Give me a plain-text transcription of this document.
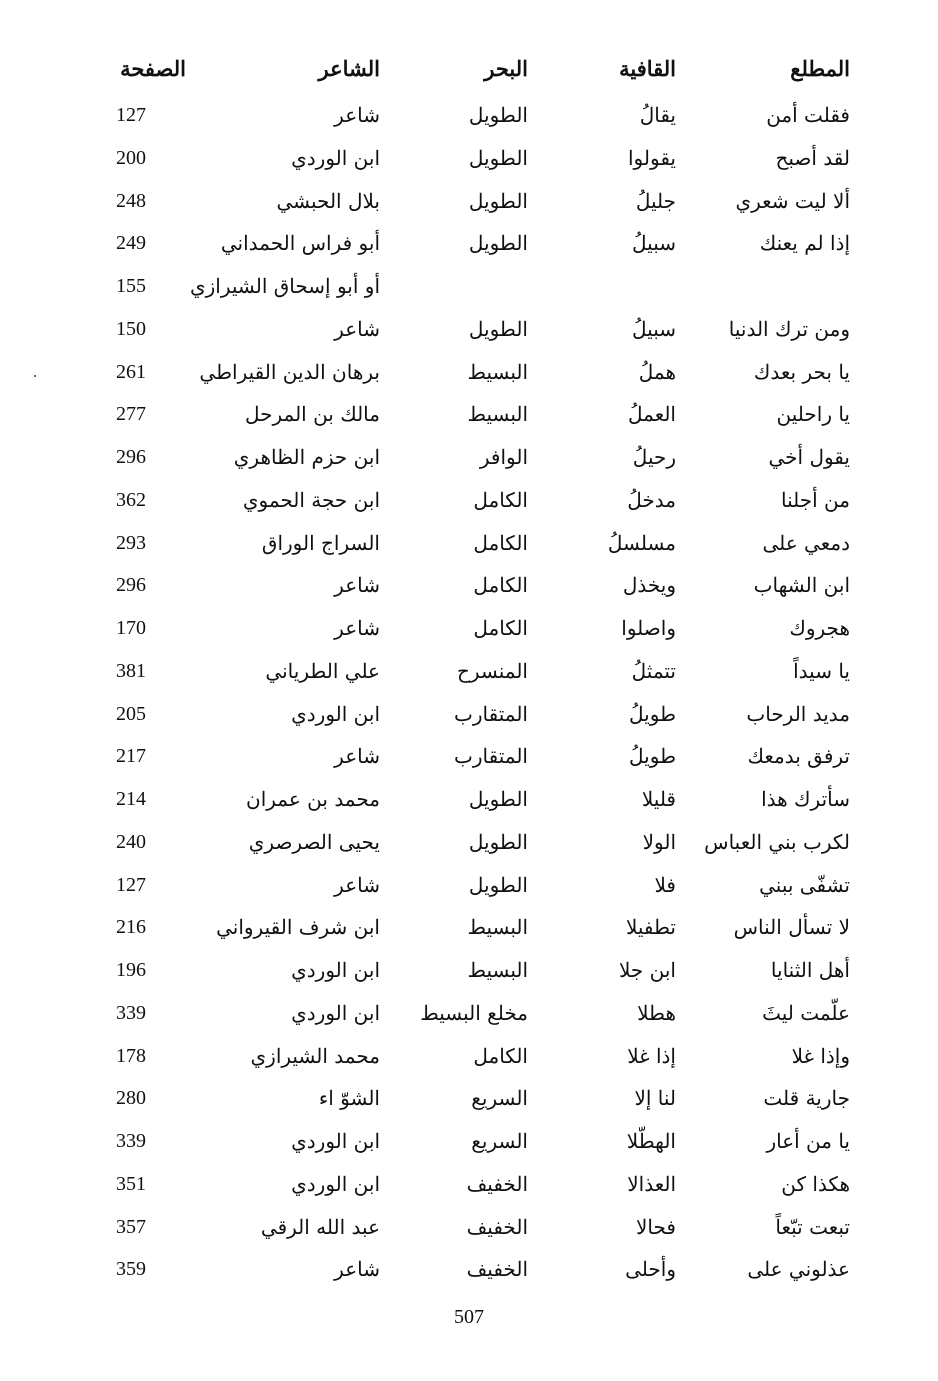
المطلع
القافية
البحر
الشاعر
الصفحة
فقلت أمن
يقالُ
الطويل
شاعر
127
لقد أصبح
يقولوا
الطويل
ابن الوردي
200
ألا ليت شعري
جليلُ
الطويل
بلال الحبشي
248
إذا لم يعنك
سبيلُ
الطويل
أبو فراس الحمداني
249
أو أبو إسحاق الشيرازي
155
ومن ترك الدنيا
سبيلُ
الطويل
شاعر
150
يا بحر بعدك
هملُ
البسيط
برهان الدين القيراطي
261
يا راحلين
العملُ
البسيط
مالك بن المرحل
277
يقول أخي
رحيلُ
الوافر
ابن حزم الظاهري
296
من أجلنا
مدخلُ
الكامل
ابن حجة الحموي
362
دمعي على
مسلسلُ
الكامل
السراج الوراق
293
ابن الشهاب
ويخذل
الكامل
شاعر
296
هجروك
واصلوا
الكامل
شاعر
170
يا سيداً
تتمثلُ
المنسرح
علي الطرياني
381
مديد الرحاب
طويلُ
المتقارب
ابن الوردي
205
ترفق بدمعك
طويلُ
المتقارب
شاعر
217
سأترك هذا
قليلا
الطويل
محمد بن عمران
214
لكرب بني العباس
الولا
الطويل
يحيى الصرصري
240
تشفّى ببني
فلا
الطويل
شاعر
127
لا تسأل الناس
تطفيلا
البسيط
ابن شرف القيرواني
216
أهل الثنايا
ابن جلا
البسيط
ابن الوردي
196
علّمت ليثَ
هطلا
مخلع البسيط
ابن الوردي
339
وإذا غلا
إذا غلا
الكامل
محمد الشيرازي
178
جارية قلت
لنا إلا
السريع
الشوّ اء
280
يا من أعار
الهطّلا
السريع
ابن الوردي
339
هكذا كن
العذالا
الخفيف
ابن الوردي
351
تبعت تبّعاً
فحالا
الخفيف
عبد الله الرقي
357
عذلوني على
وأحلى
الخفيف
شاعر
359
507
